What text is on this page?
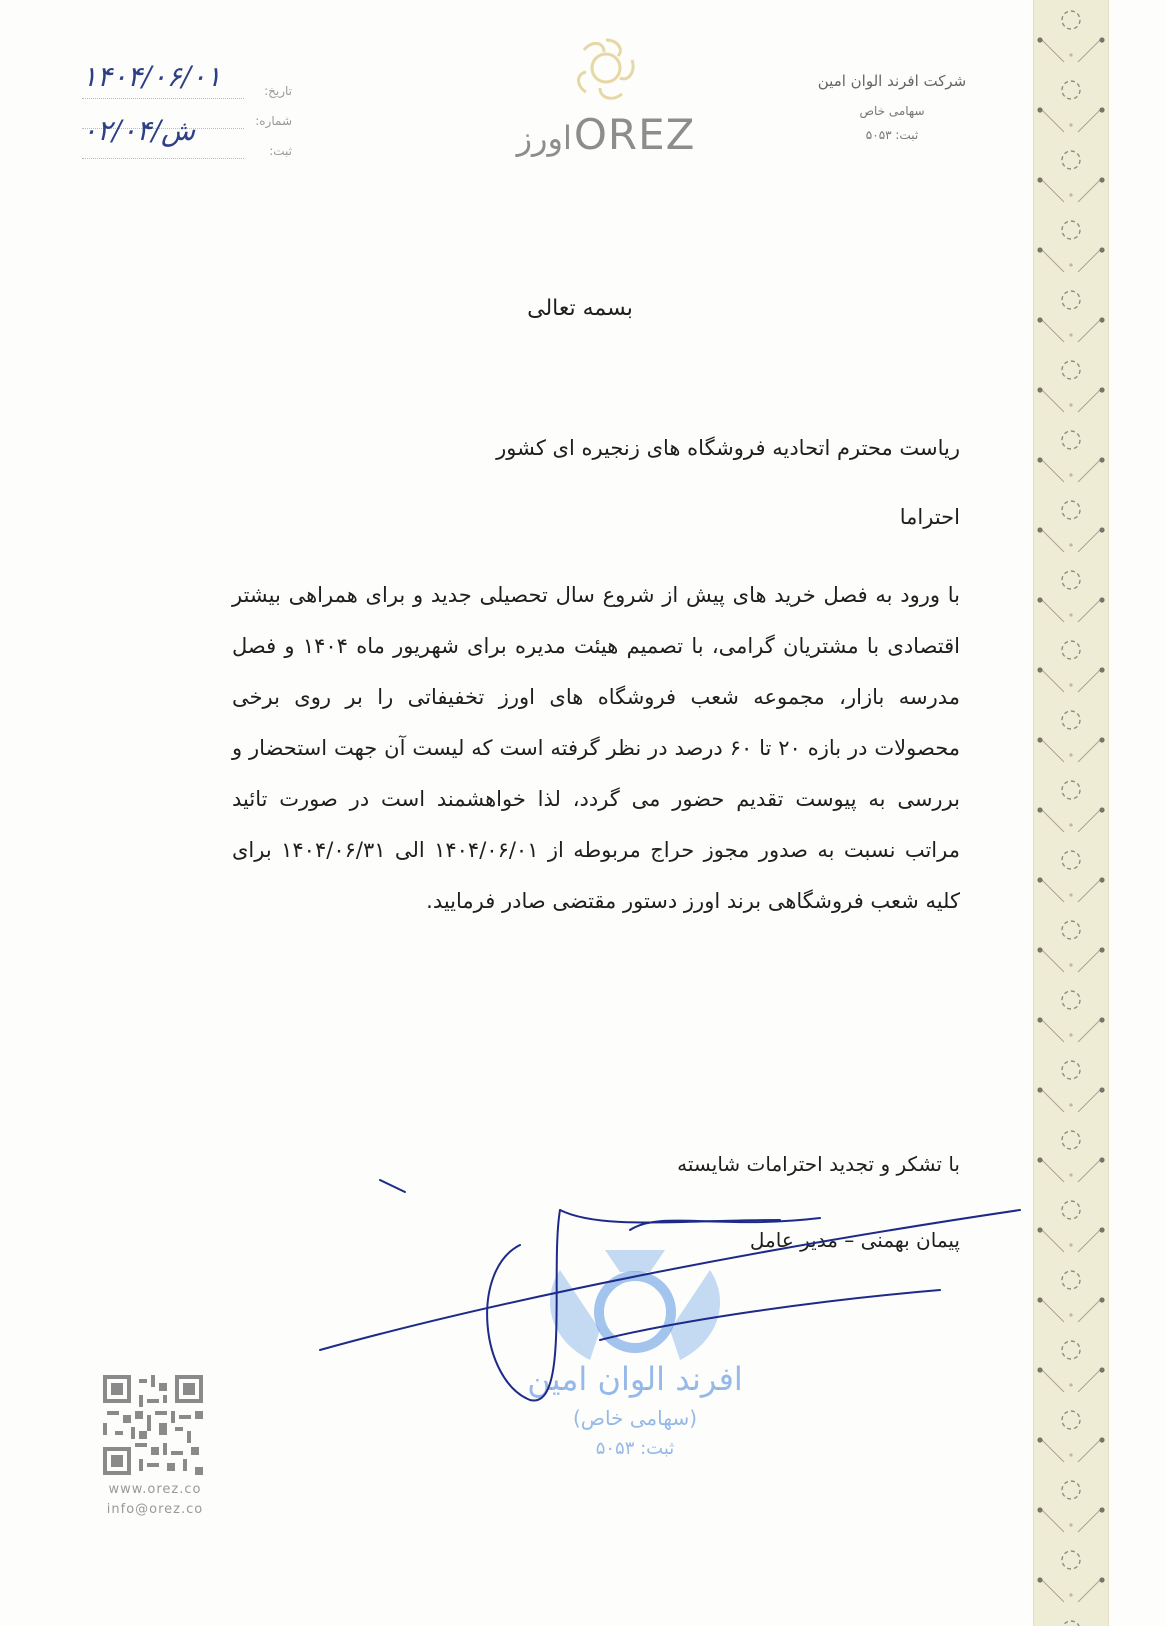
شرکت افرند الوان امین
سهامی خاص
ثبت: ۵۰۵۳
اورزOREZ
تاریخ:
۱۴۰۴/۰۶/۰۱
شماره:
۰۲/ش/۰۴
ثبت:
بسمه تعالی
ریاست محترم اتحادیه فروشگاه های زنجیره ای کشور
احتراما
با ورود به فصل خرید های پیش از شروع سال تحصیلی جدید و برای همراهی بیشتر اقتصادی با مشتریان گرامی، با تصمیم هیئت مدیره برای شهریور ماه ۱۴۰۴ و فصل مدرسه بازار، مجموعه شعب فروشگاه های اورز تخفیفاتی را بر روی برخی محصولات در بازه ۲۰ تا ۶۰ درصد در نظر گرفته است که لیست آن جهت استحضار و بررسی به پیوست تقدیم حضور می گردد، لذا خواهشمند است در صورت تائید مراتب نسبت به صدور مجوز حراج مربوطه از ۱۴۰۴/۰۶/۰۱ الی ۱۴۰۴/۰۶/۳۱ برای کلیه شعب فروشگاهی برند اورز دستور مقتضی صادر فرمایید.
با تشکر و تجدید احترامات شایسته
پیمان بهمنی – مدیر عامل
افرند الوان امین
(سهامی خاص)
ثبت: ۵۰۵۳
www.orez.co
info@orez.co
